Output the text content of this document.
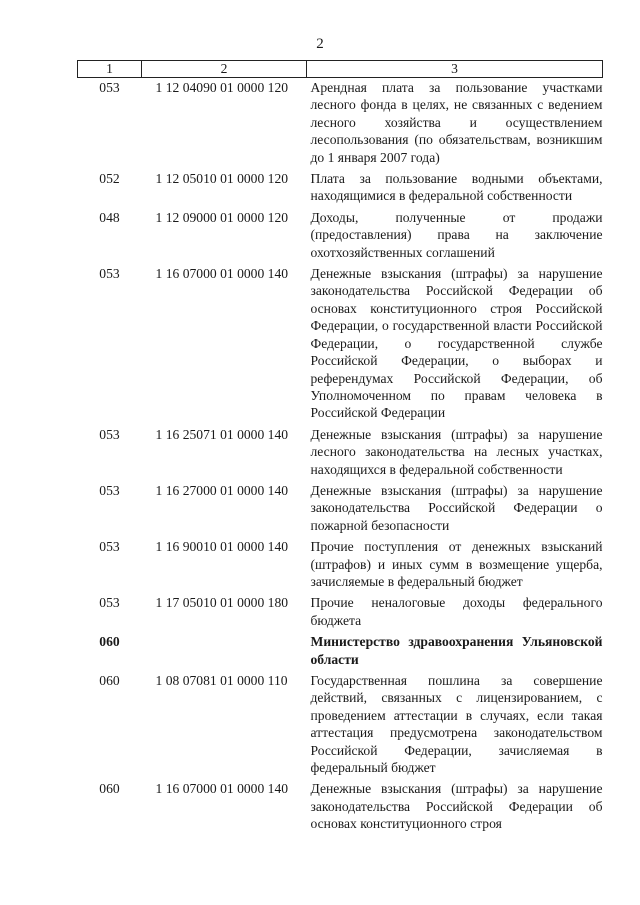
2
1	2	3
053	1 12 04090 01 0000 120	Арендная плата за пользование участками лесного фонда в целях, не связанных с ведением лесного хозяйства и осуществлением лесопользования (по обязательствам, возникшим до 1 января 2007 года)
052	1 12 05010 01 0000 120	Плата за пользование водными объектами, находящимися в федеральной собственности
048	1 12 09000 01 0000 120	Доходы, полученные от продажи (предоставления) права на заключение охотхозяйственных соглашений
053	1 16 07000 01 0000 140	Денежные взыскания (штрафы) за нарушение законодательства Российской Федерации об основах конституционного строя Российской Федерации, о государственной власти Российской Федерации, о государственной службе Российской Федерации, о выборах и референдумах Российской Федерации, об Уполномоченном по правам человека в Российской Федерации
053	1 16 25071 01 0000 140	Денежные взыскания (штрафы) за нарушение лесного законодательства на лесных участках, находящихся в федеральной собственности
053	1 16 27000 01 0000 140	Денежные взыскания (штрафы) за нарушение законодательства Российской Федерации о пожарной безопасности
053	1 16 90010 01 0000 140	Прочие поступления от денежных взысканий (штрафов) и иных сумм в возмещение ущерба, зачисляемые в федеральный бюджет
053	1 17 05010 01 0000 180	Прочие неналоговые доходы федерального бюджета
060		Министерство здравоохранения Ульяновской области
060	1 08 07081 01 0000 110	Государственная пошлина за совершение действий, связанных с лицензированием, с проведением аттестации в случаях, если такая аттестация предусмотрена законодательством Российской Федерации, зачисляемая в федеральный бюджет
060	1 16 07000 01 0000 140	Денежные взыскания (штрафы) за нарушение законодательства Российской Федерации об основах конституционного строя
